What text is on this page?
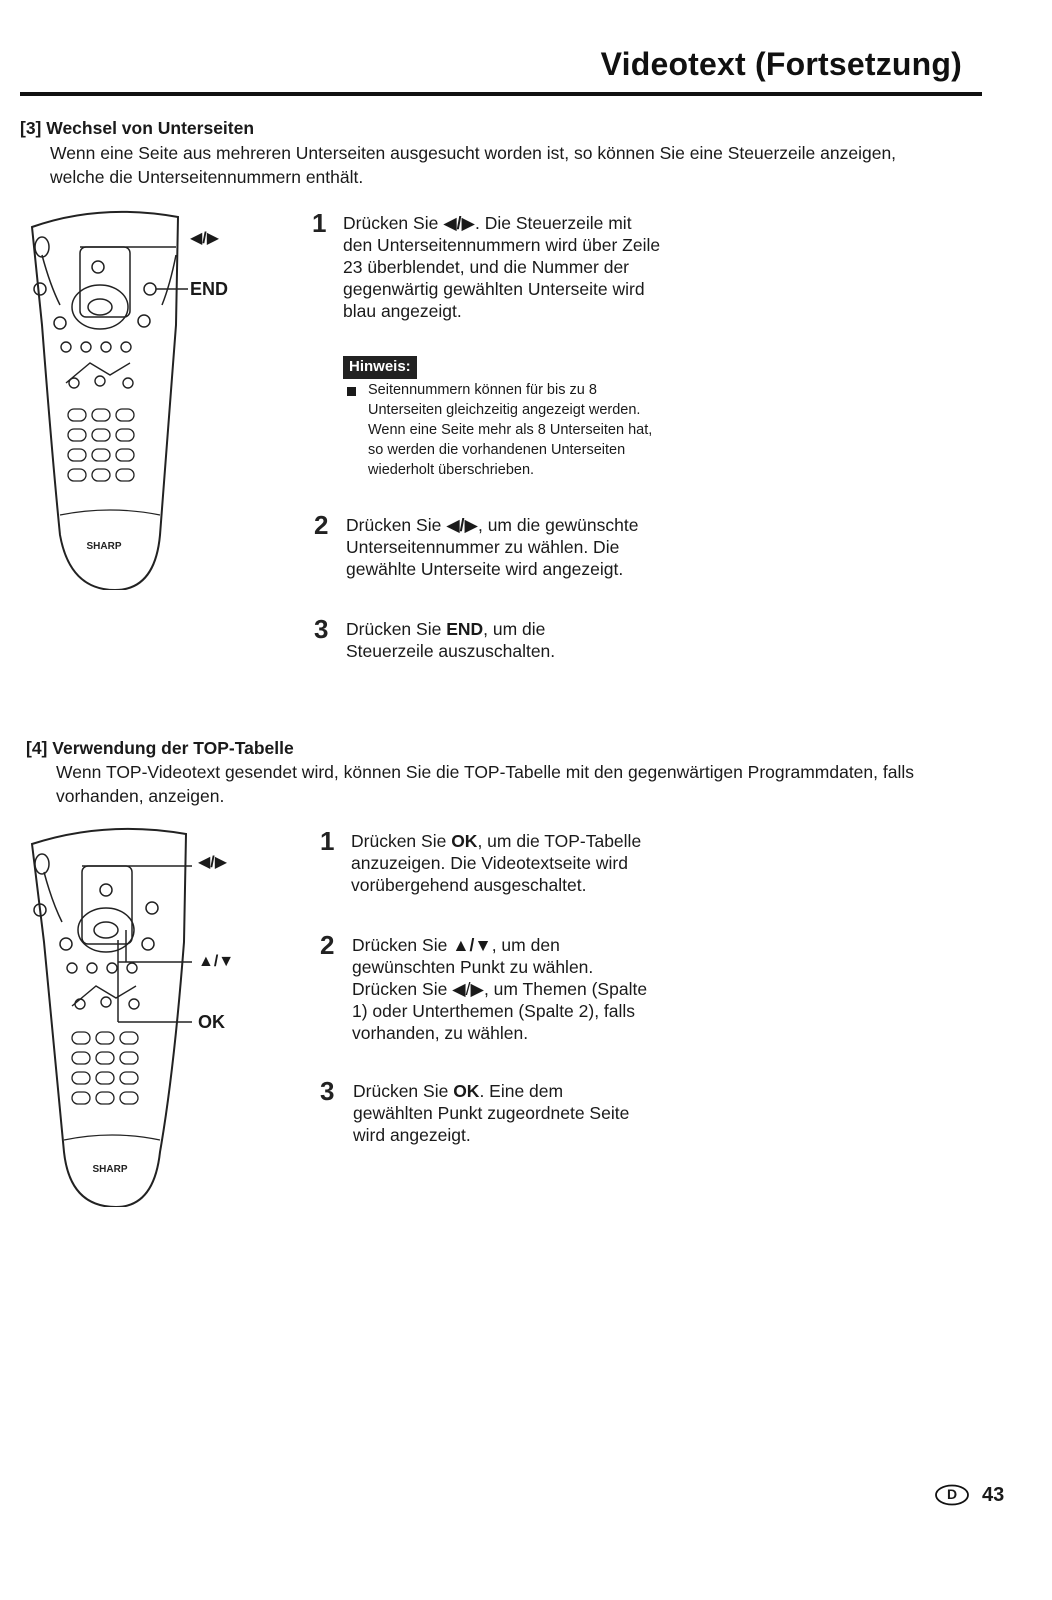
Videotext (Fortsetzung)
[3] Wechsel von Unterseiten
Wenn eine Seite aus mehreren Unterseiten ausgesucht worden ist, so können Sie eine Steuerzeile anzeigen, welche die Unterseitennummern enthält.
SHARP
◀/▶
END
1 Drücken Sie ◀/▶. Die Steuerzeile mit den Unterseitennummern wird über Zeile 23 überblendet, und die Nummer der gegenwärtig gewählten Unterseite wird blau angezeigt.
Hinweis:
Seitennummern können für bis zu 8 Unterseiten gleichzeitig angezeigt werden. Wenn eine Seite mehr als 8 Unterseiten hat, so werden die vorhandenen Unterseiten wiederholt überschrieben.
2 Drücken Sie ◀/▶, um die gewünschte Unterseitennummer zu wählen. Die gewählte Unterseite wird angezeigt.
3 Drücken Sie END, um die Steuerzeile auszuschalten.
[4] Verwendung der TOP-Tabelle
Wenn TOP-Videotext gesendet wird, können Sie die TOP-Tabelle mit den gegenwärtigen Programmdaten, falls vorhanden, anzeigen.
SHARP
◀/▶
▲/▼
OK
1 Drücken Sie OK, um die TOP-Tabelle anzuzeigen. Die Videotextseite wird vorübergehend ausgeschaltet.
2 Drücken Sie ▲/▼, um den gewünschten Punkt zu wählen. Drücken Sie ◀/▶, um Themen (Spalte 1) oder Unterthemen (Spalte 2), falls vorhanden, zu wählen.
3 Drücken Sie OK. Eine dem gewählten Punkt zugeordnete Seite wird angezeigt.
D	43
